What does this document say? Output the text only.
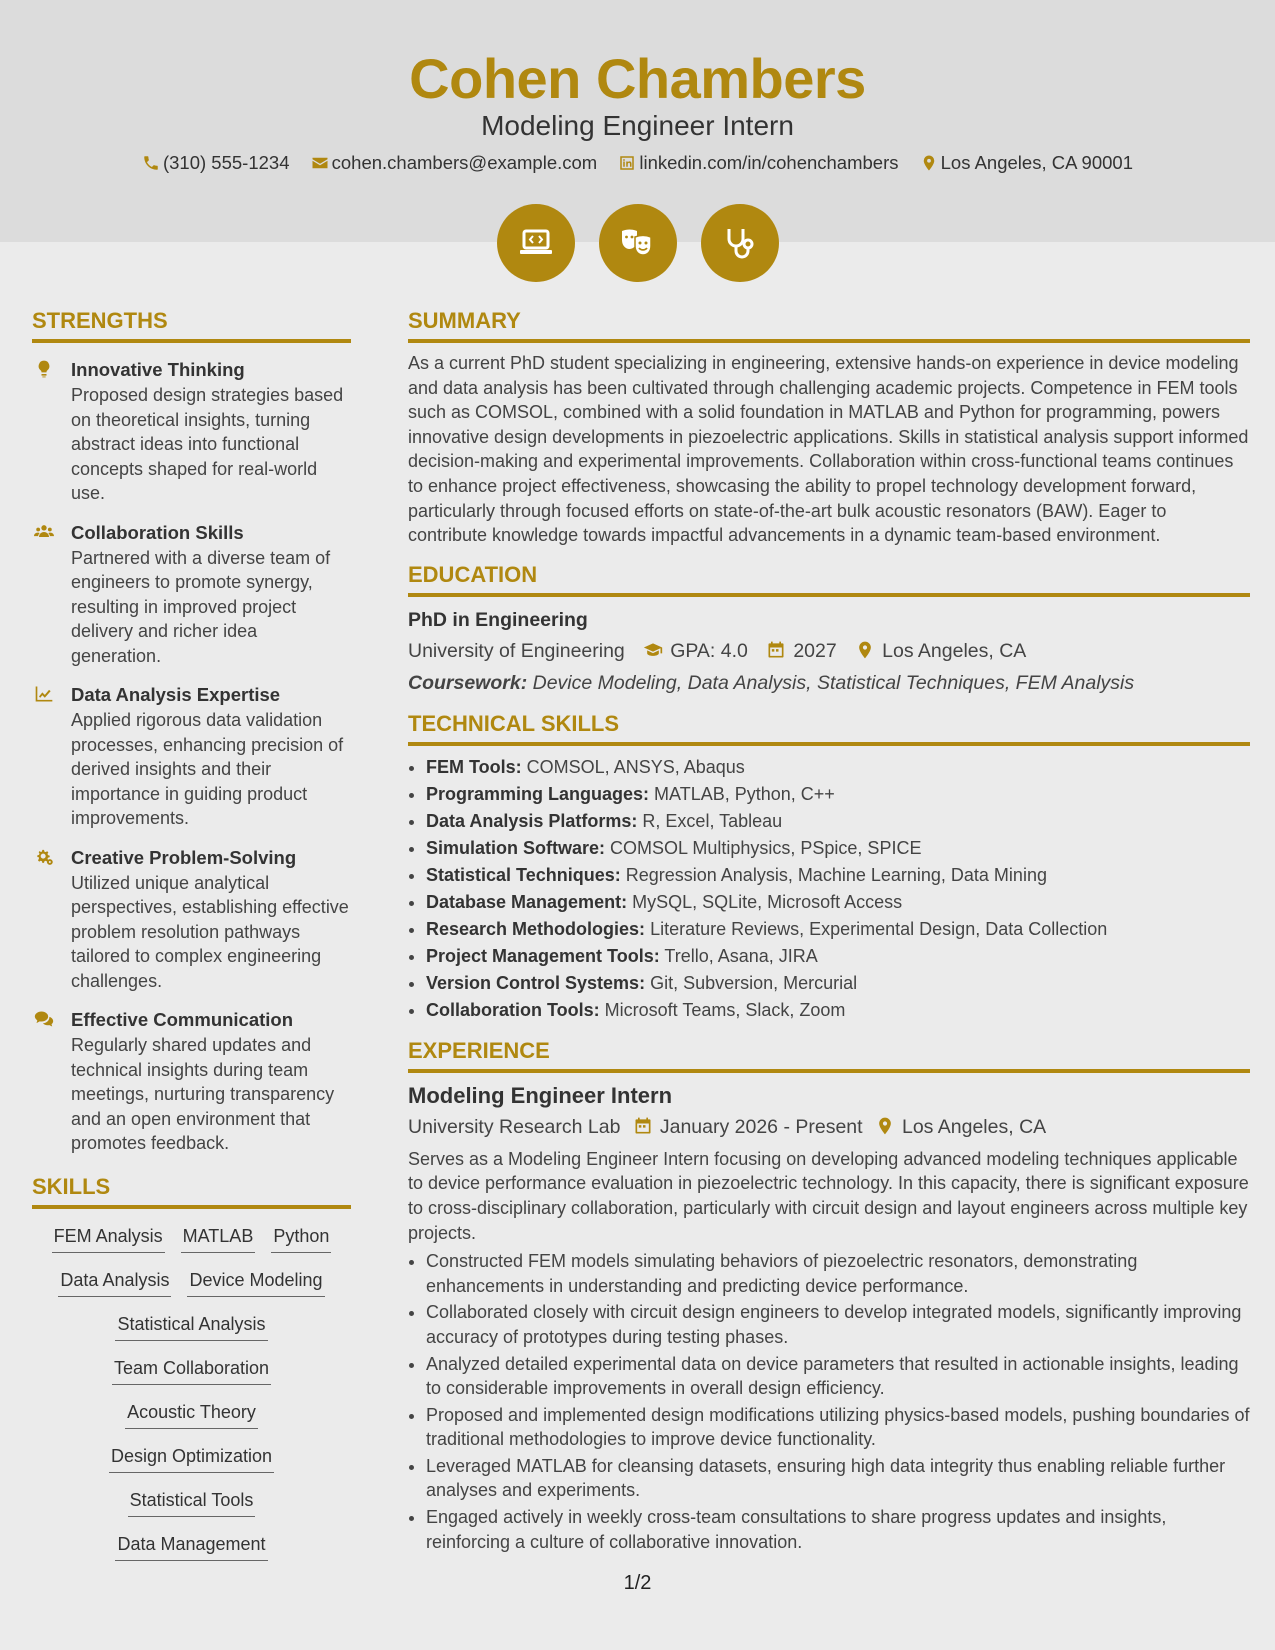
Cohen Chambers
Modeling Engineer Intern
(310) 555-1234 cohen.chambers@example.com linkedin.com/in/cohenchambers Los Angeles, CA 90001

STRENGTHS
Innovative Thinking
Proposed design strategies based on theoretical insights, turning abstract ideas into functional concepts shaped for real-world use.
Collaboration Skills
Partnered with a diverse team of engineers to promote synergy, resulting in improved project delivery and richer idea generation.
Data Analysis Expertise
Applied rigorous data validation processes, enhancing precision of derived insights and their importance in guiding product improvements.
Creative Problem-Solving
Utilized unique analytical perspectives, establishing effective problem resolution pathways tailored to complex engineering challenges.
Effective Communication
Regularly shared updates and technical insights during team meetings, nurturing transparency and an open environment that promotes feedback.
SKILLS
FEM Analysis MATLAB Python
Data Analysis Device Modeling
Statistical Analysis
Team Collaboration
Acoustic Theory
Design Optimization
Statistical Tools
Data Management
SUMMARY
As a current PhD student specializing in engineering, extensive hands-on experience in device modeling and data analysis has been cultivated through challenging academic projects. Competence in FEM tools such as COMSOL, combined with a solid foundation in MATLAB and Python for programming, powers innovative design developments in piezoelectric applications. Skills in statistical analysis support informed decision-making and experimental improvements. Collaboration within cross-functional teams continues to enhance project effectiveness, showcasing the ability to propel technology development forward, particularly through focused efforts on state-of-the-art bulk acoustic resonators (BAW). Eager to contribute knowledge towards impactful advancements in a dynamic team-based environment.
EDUCATION
PhD in Engineering
University of Engineering GPA: 4.0 2027 Los Angeles, CA
Coursework: Device Modeling, Data Analysis, Statistical Techniques, FEM Analysis
TECHNICAL SKILLS
• FEM Tools: COMSOL, ANSYS, Abaqus
• Programming Languages: MATLAB, Python, C++
• Data Analysis Platforms: R, Excel, Tableau
• Simulation Software: COMSOL Multiphysics, PSpice, SPICE
• Statistical Techniques: Regression Analysis, Machine Learning, Data Mining
• Database Management: MySQL, SQLite, Microsoft Access
• Research Methodologies: Literature Reviews, Experimental Design, Data Collection
• Project Management Tools: Trello, Asana, JIRA
• Version Control Systems: Git, Subversion, Mercurial
• Collaboration Tools: Microsoft Teams, Slack, Zoom
EXPERIENCE
Modeling Engineer Intern
University Research Lab January 2026 - Present Los Angeles, CA
Serves as a Modeling Engineer Intern focusing on developing advanced modeling techniques applicable to device performance evaluation in piezoelectric technology. In this capacity, there is significant exposure to cross-disciplinary collaboration, particularly with circuit design and layout engineers across multiple key projects.
• Constructed FEM models simulating behaviors of piezoelectric resonators, demonstrating enhancements in understanding and predicting device performance.
• Collaborated closely with circuit design engineers to develop integrated models, significantly improving accuracy of prototypes during testing phases.
• Analyzed detailed experimental data on device parameters that resulted in actionable insights, leading to considerable improvements in overall design efficiency.
• Proposed and implemented design modifications utilizing physics-based models, pushing boundaries of traditional methodologies to improve device functionality.
• Leveraged MATLAB for cleansing datasets, ensuring high data integrity thus enabling reliable further analyses and experiments.
• Engaged actively in weekly cross-team consultations to share progress updates and insights, reinforcing a culture of collaborative innovation.
1/2
